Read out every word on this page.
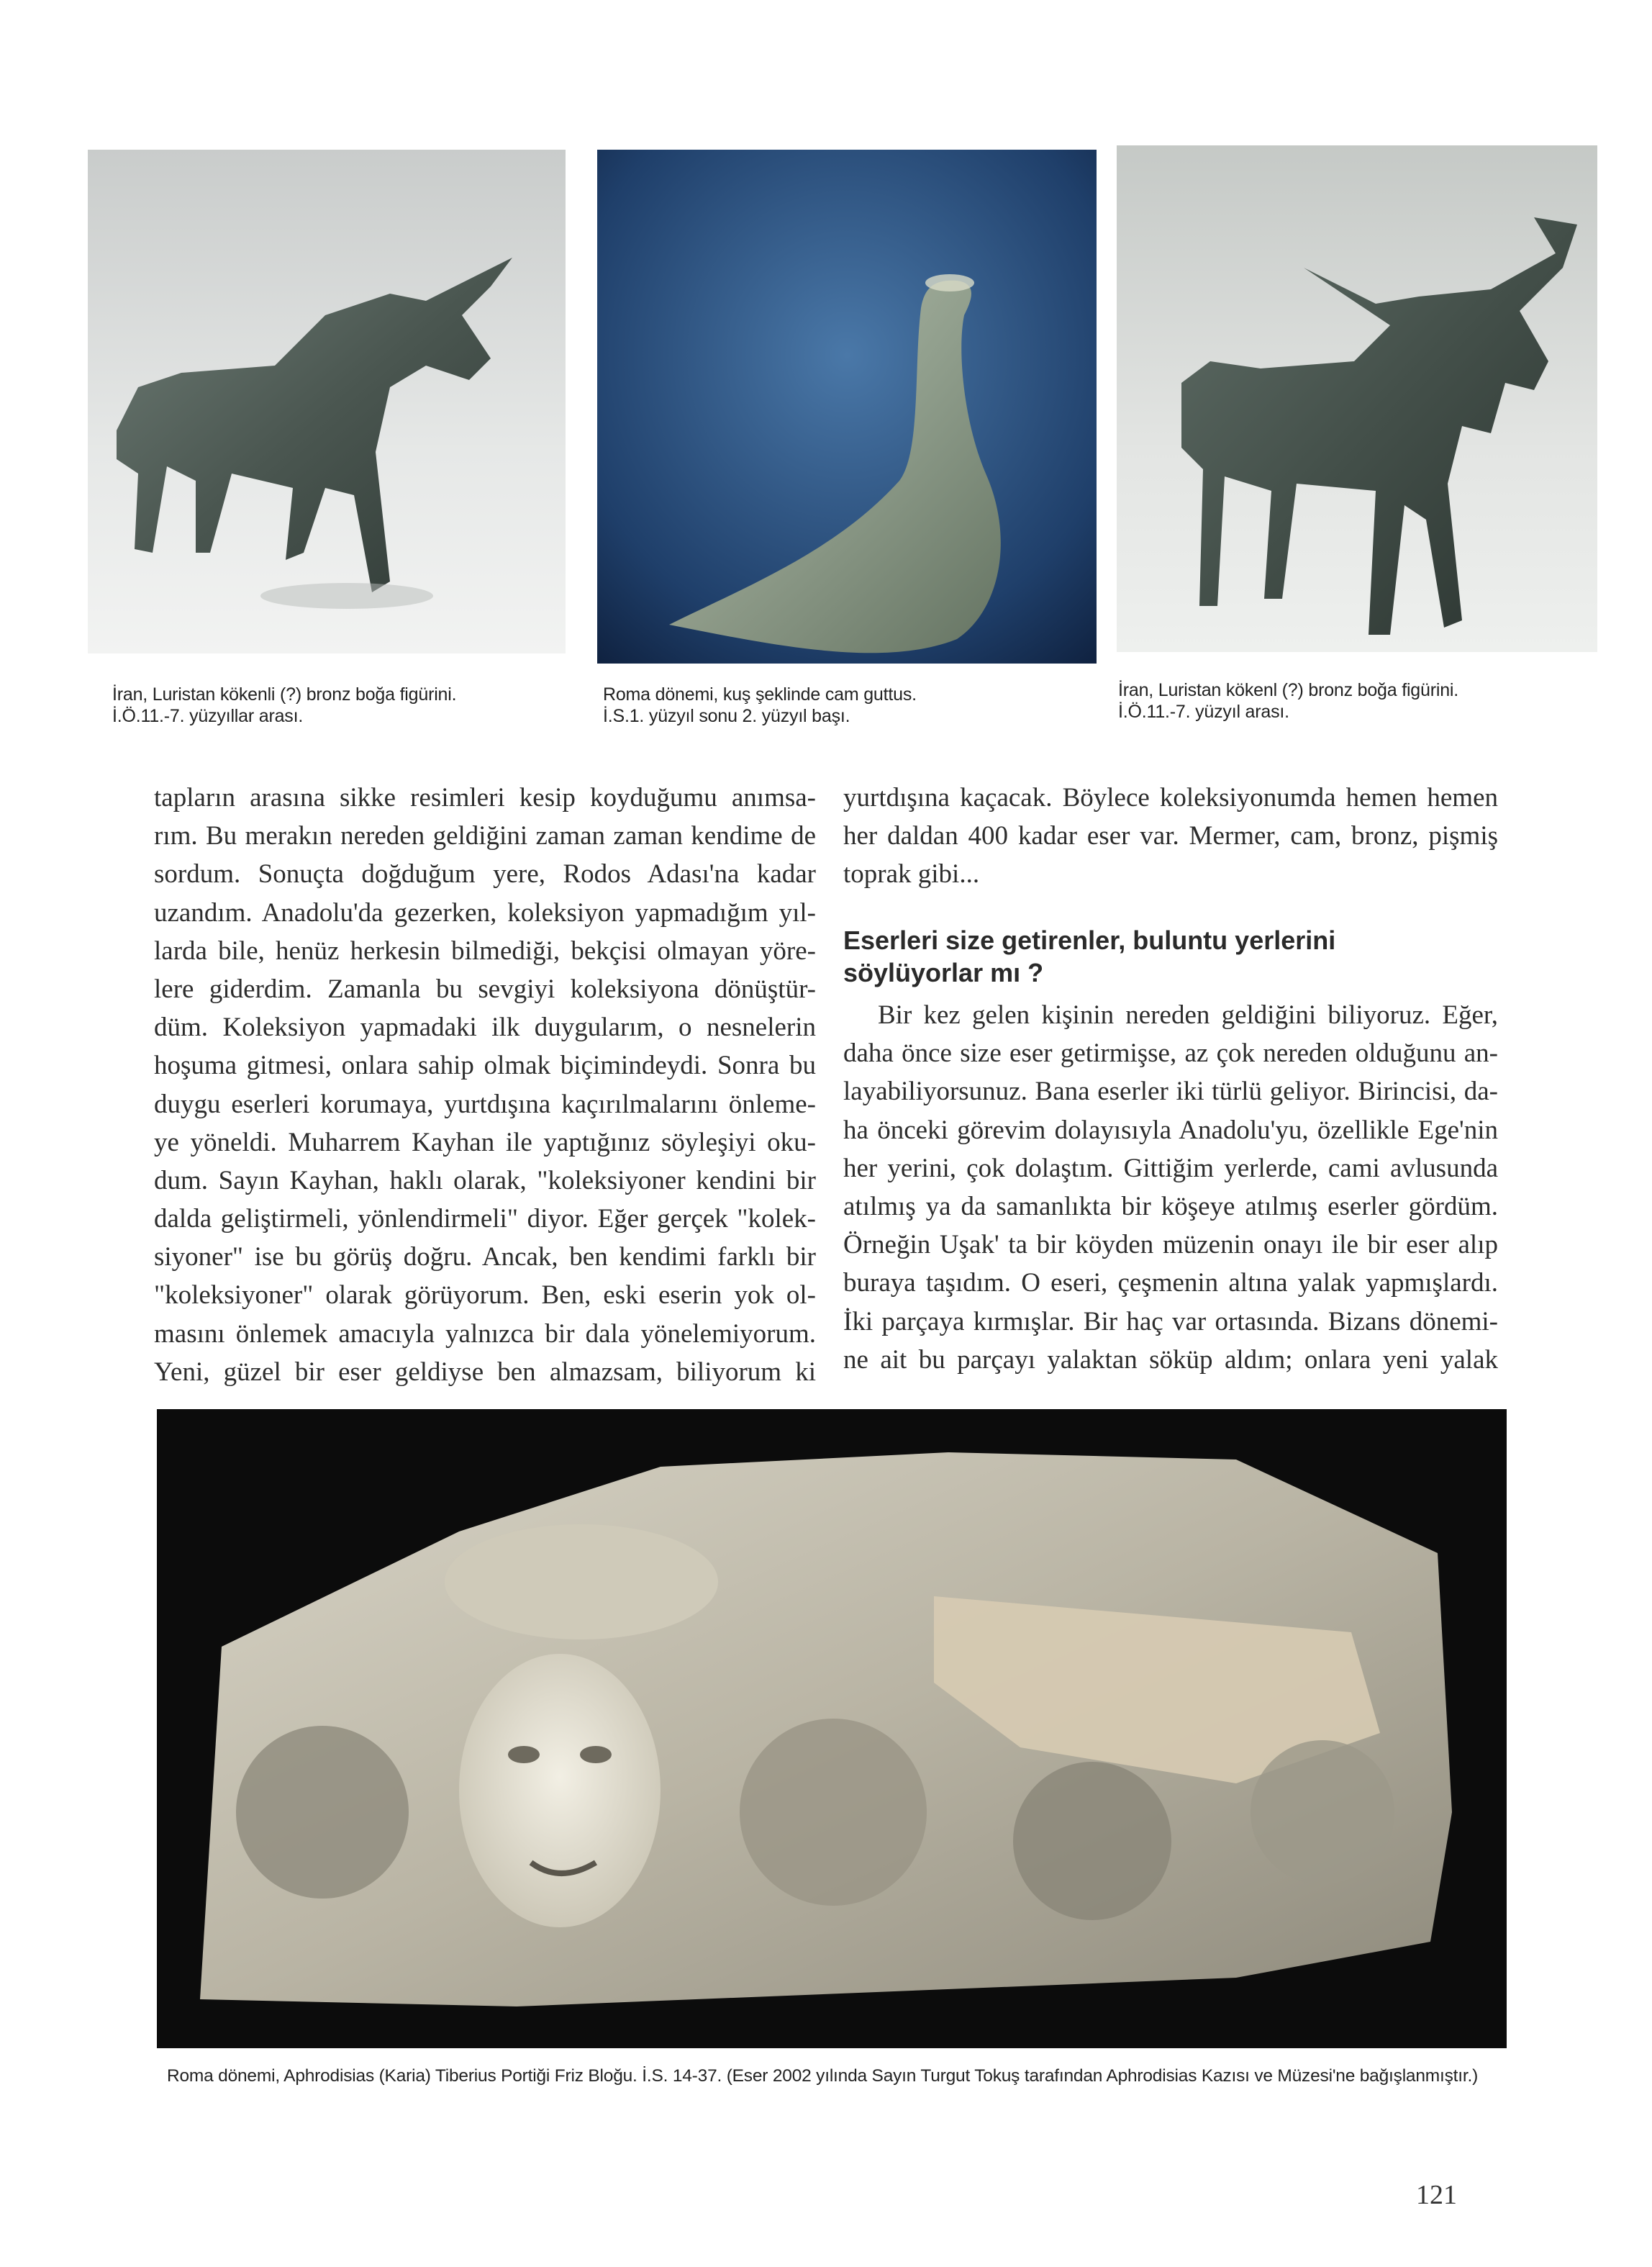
İran, Luristan kökenli (?) bronz boğa figürini.
İ.Ö.11.-7. yüzyıllar arası.
Roma dönemi, kuş şeklinde cam guttus.
İ.S.1. yüzyıl sonu 2. yüzyıl başı.
İran, Luristan kökenl (?) bronz boğa figürini.
İ.Ö.11.-7. yüzyıl arası.
tapların arasına sikke resimleri kesip koyduğumu anımsa-
rım. Bu merakın nereden geldiğini zaman zaman kendime de
sordum. Sonuçta doğduğum yere, Rodos Adası'na kadar
uzandım. Anadolu'da gezerken, koleksiyon yapmadığım yıl-
larda bile, henüz herkesin bilmediği, bekçisi olmayan yöre-
lere giderdim. Zamanla bu sevgiyi koleksiyona dönüştür-
düm. Koleksiyon yapmadaki ilk duygularım, o nesnelerin
hoşuma gitmesi, onlara sahip olmak biçimindeydi. Sonra bu
duygu eserleri korumaya, yurtdışına kaçırılmalarını önleme-
ye yöneldi. Muharrem Kayhan ile yaptığınız söyleşiyi oku-
dum. Sayın Kayhan, haklı olarak, "koleksiyoner kendini bir
dalda geliştirmeli, yönlendirmeli" diyor. Eğer gerçek "kolek-
siyoner" ise bu görüş doğru. Ancak, ben kendimi farklı bir
"koleksiyoner" olarak görüyorum. Ben, eski eserin yok ol-
masını önlemek amacıyla yalnızca bir dala yönelemiyorum.
Yeni, güzel bir eser geldiyse ben almazsam, biliyorum ki
yurtdışına kaçacak. Böylece koleksiyonumda hemen hemen
her daldan 400 kadar eser var. Mermer, cam, bronz, pişmiş
toprak gibi...
Eserleri size getirenler, buluntu yerlerini
söylüyorlar mı ?
Bir kez gelen kişinin nereden geldiğini biliyoruz. Eğer,
daha önce size eser getirmişse, az çok nereden olduğunu an-
layabiliyorsunuz. Bana eserler iki türlü geliyor. Birincisi, da-
ha önceki görevim dolayısıyla Anadolu'yu, özellikle Ege'nin
her yerini, çok dolaştım. Gittiğim yerlerde, cami avlusunda
atılmış ya da samanlıkta bir köşeye atılmış eserler gördüm.
Örneğin Uşak' ta bir köyden müzenin onayı ile bir eser alıp
buraya taşıdım. O eseri, çeşmenin altına yalak yapmışlardı.
İki parçaya kırmışlar. Bir haç var ortasında. Bizans dönemi-
ne ait bu parçayı yalaktan söküp aldım; onlara yeni yalak
Roma dönemi, Aphrodisias (Karia) Tiberius Portiği Friz Bloğu. İ.S. 14-37. (Eser 2002 yılında Sayın Turgut Tokuş tarafından Aphrodisias Kazısı ve Müzesi'ne bağışlanmıştır.)
121
